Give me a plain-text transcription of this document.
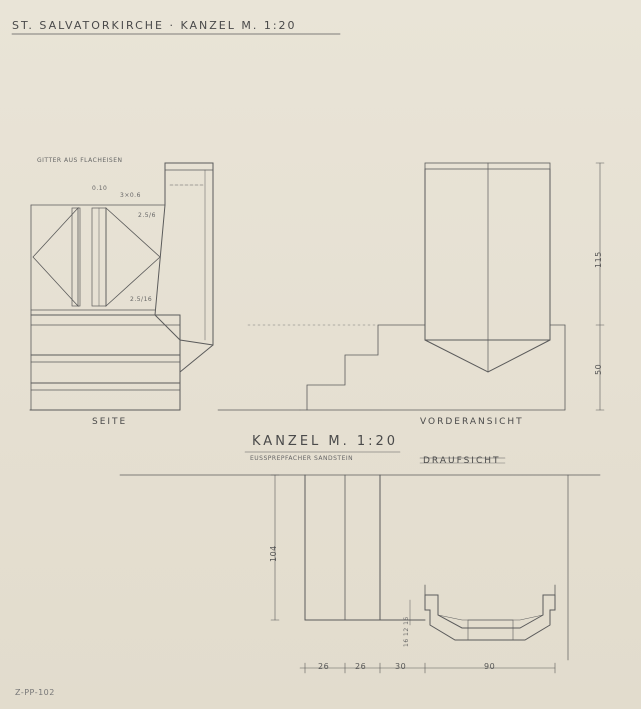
ST. SALVATORKIRCHE · KANZEL M. 1:20
GITTER AUS FLACHEISEN
0.10
3×0.6
2.5/6
2.5/16
SEITE	VORDERANSICHT
115
50
KANZEL M. 1:20
EUSSPREPFACHER SANDSTEIN	DRAUFSICHT
104
16 12 16
26	26	30	90
Z-PP-102
